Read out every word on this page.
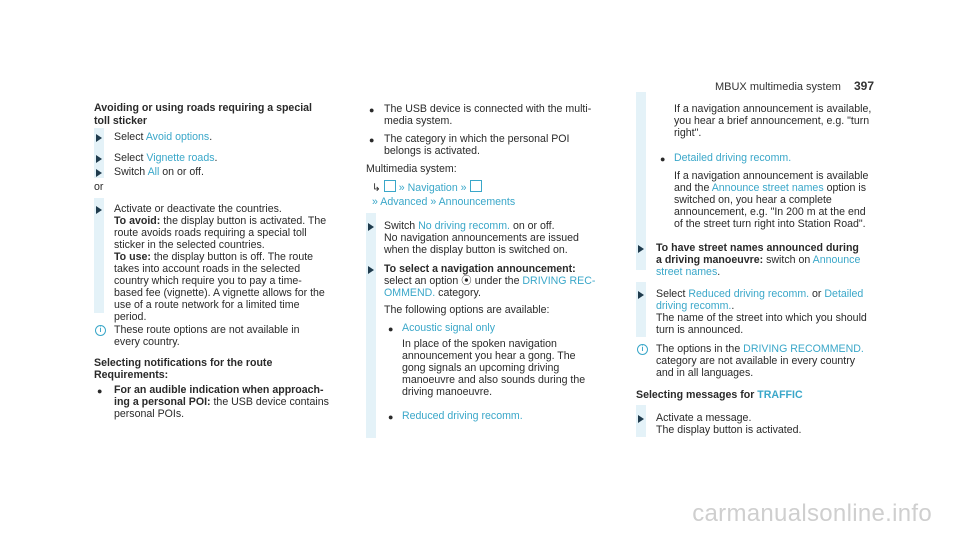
MBUX multimedia system 397
Avoiding or using roads requiring a special
toll sticker
Select Avoid options.
Select Vignette roads.
Switch All on or off.
or
Activate or deactivate the countries.
To avoid: the display button is activated. The
route avoids roads requiring a special toll
sticker in the selected countries.
To use: the display button is off. The route
takes into account roads in the selected
country which require you to pay a time-
based fee (vignette). A vignette allows for the
use of a route network for a limited time
period.
i	These route options are not available in
every country.
Selecting notifications for the route
Requirements:
● For an audible indication when approach-
ing a personal POI: the USB device contains
personal POIs.
● The USB device is connected with the multi-
media system.
● The category in which the personal POI
belongs is activated.
Multimedia system:
↳ » Navigation »
» Advanced » Announcements
Switch No driving recomm. on or off.
No navigation announcements are issued
when the display button is switched on.
To select a navigation announcement:
select an option ⦿ under the DRIVING REC-
OMMEND. category.
The following options are available:
● Acoustic signal only
In place of the spoken navigation
announcement you hear a gong. The
gong signals an upcoming driving
manoeuvre and also sounds during the
driving manoeuvre.
● Reduced driving recomm.
If a navigation announcement is available,
you hear a brief announcement, e.g. "turn
right".
● Detailed driving recomm.
If a navigation announcement is available
and the Announce street names option is
switched on, you hear a complete
announcement, e.g. "In 200 m at the end
of the street turn right into Station Road".
To have street names announced during
a driving manoeuvre: switch on Announce
street names.
Select Reduced driving recomm. or Detailed
driving recomm..
The name of the street into which you should
turn is announced.
i	The options in the DRIVING RECOMMEND.
category are not available in every country
and in all languages.
Selecting messages for TRAFFIC
Activate a message.
The display button is activated.
carmanualsonline.info
